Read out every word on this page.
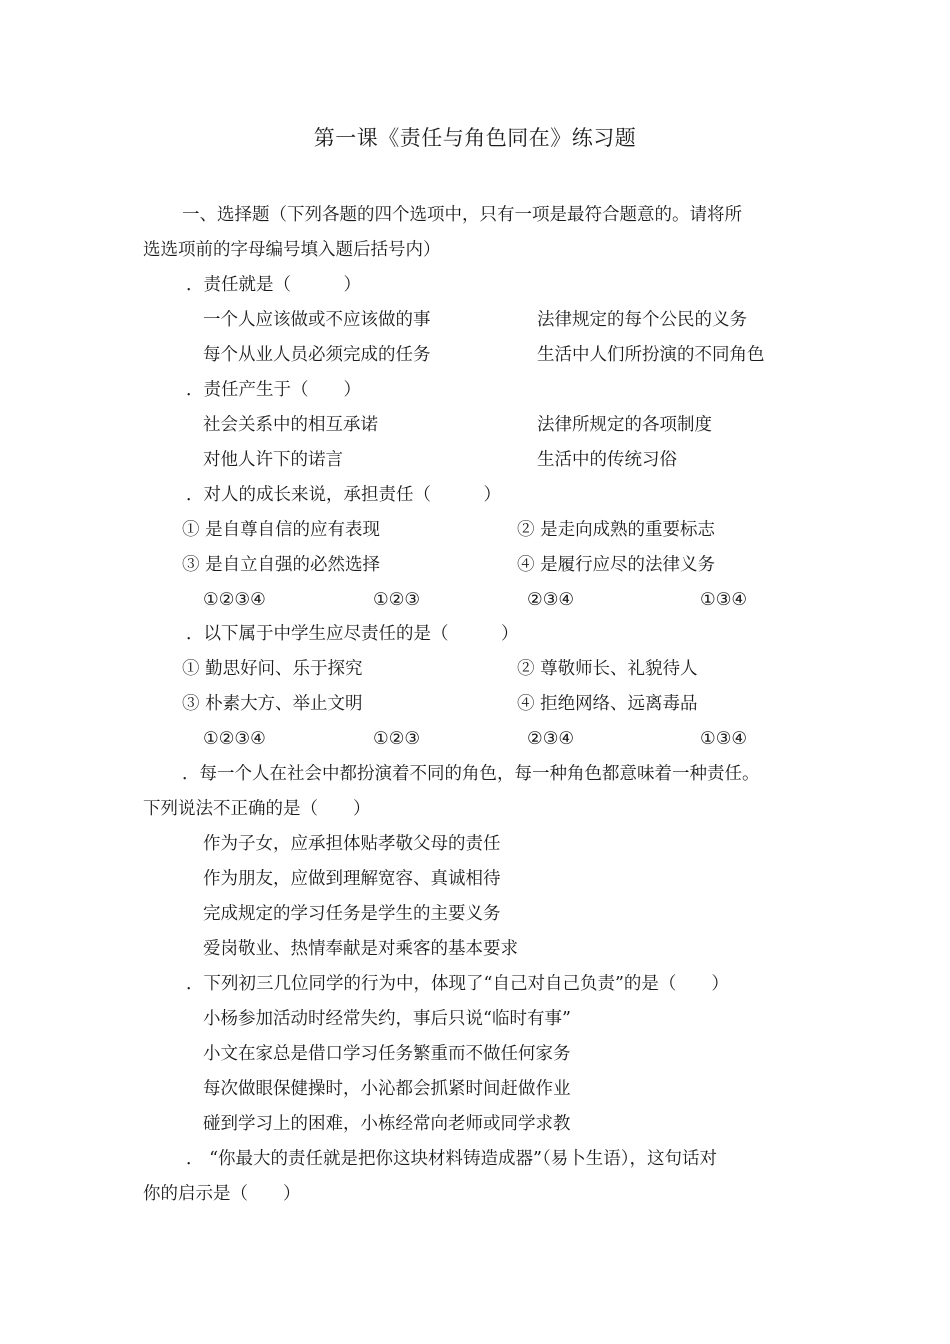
第一课《责任与角色同在》练习题
一、选择题（下列各题的四个选项中，只有一项是最符合题意的。请将所
选选项前的字母编号填入题后括号内）
．责任就是（　　　）
一个人应该做或不应该做的事	法律规定的每个公民的义务
每个从业人员必须完成的任务	生活中人们所扮演的不同角色
．责任产生于（　　）
社会关系中的相互承诺	法律所规定的各项制度
对他人许下的诺言	生活中的传统习俗
．对人的成长来说，承担责任（　　　）
① 是自尊自信的应有表现	② 是走向成熟的重要标志
③ 是自立自强的必然选择	④ 是履行应尽的法律义务
①②③④	①②③	②③④	①③④
．以下属于中学生应尽责任的是（　　　）
① 勤思好问、乐于探究	② 尊敬师长、礼貌待人
③ 朴素大方、举止文明	④ 拒绝网络、远离毒品
①②③④	①②③	②③④	①③④
．每一个人在社会中都扮演着不同的角色，每一种角色都意味着一种责任。
下列说法不正确的是（　　）
作为子女，应承担体贴孝敬父母的责任
作为朋友，应做到理解宽容、真诚相待
完成规定的学习任务是学生的主要义务
爱岗敬业、热情奉献是对乘客的基本要求
．下列初三几位同学的行为中，体现了“自己对自己负责”的是（　　）
小杨参加活动时经常失约，事后只说“临时有事”
小文在家总是借口学习任务繁重而不做任何家务
每次做眼保健操时，小沁都会抓紧时间赶做作业
碰到学习上的困难，小栋经常向老师或同学求教
． “你最大的责任就是把你这块材料铸造成器”（易卜生语），这句话对
你的启示是（　　）
